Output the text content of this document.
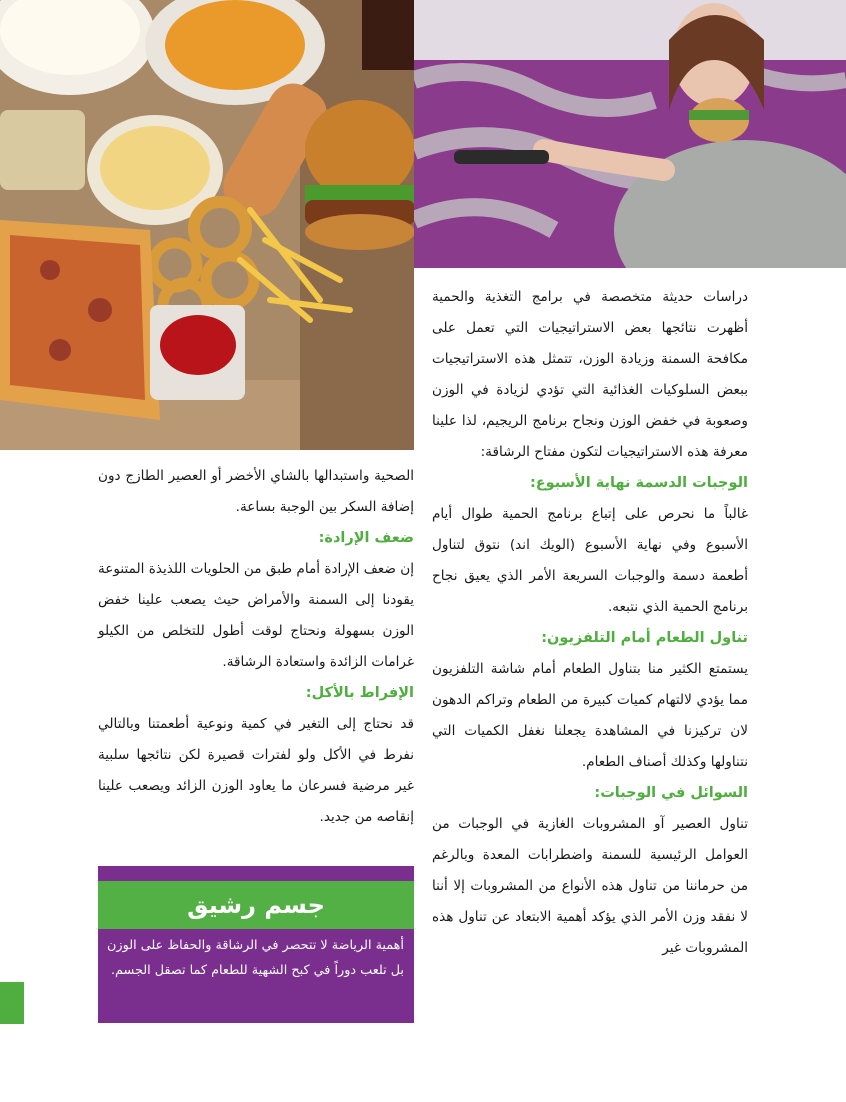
دراسات حديثة متخصصة في برامج التغذية والحمية أظهرت نتائجها بعض الاستراتيجيات التي تعمل على مكافحة السمنة وزيادة الوزن، تتمثل هذه الاستراتيجيات ببعض السلوكيات الغذائية التي تؤدي لزيادة في الوزن وصعوبة في خفض الوزن ونجاح برنامج الريجيم، لذا علينا معرفة هذه الاستراتيجيات لتكون مفتاح الرشاقة:

الوجبات الدسمة نهاية الأسبوع:

غالباً ما نحرص على إتباع برنامج الحمية طوال أيام الأسبوع وفي نهاية الأسبوع (الويك اند) نتوق لتناول أطعمة دسمة والوجبات السريعة الأمر الذي يعيق نجاح برنامج الحمية الذي نتبعه.

تناول الطعام أمام التلفزيون:

يستمتع الكثير منا بتناول الطعام أمام شاشة التلفزيون مما يؤدي لالتهام كميات كبيرة من الطعام وتراكم الدهون لان تركيزنا في المشاهدة يجعلنا نغفل الكميات التي نتناولها وكذلك أصناف الطعام.

السوائل في الوجبات:

تناول العصير آو المشروبات الغازية في الوجبات من العوامل الرئيسية للسمنة واضطرابات المعدة وبالرغم من حرماننا من تناول هذه الأنواع من المشروبات إلا أننا لا نفقد وزن الأمر الذي يؤكد أهمية الابتعاد عن تناول هذه المشروبات غير

الصحية واستبدالها بالشاي الأخضر أو العصير الطازج دون إضافة السكر بين الوجبة بساعة.

ضعف الإرادة:

إن ضعف الإرادة أمام طبق من الحلويات اللذيذة المتنوعة يقودنا إلى السمنة والأمراض حيث يصعب علينا خفض الوزن بسهولة ونحتاج لوقت أطول للتخلص من الكيلو غرامات الزائدة واستعادة الرشاقة.

الإفراط بالأكل:

قد نحتاج إلى التغير في كمية ونوعية أطعمتنا وبالتالي نفرط في الأكل ولو لفترات قصيرة لكن نتائجها سلبية غير مرضية فسرعان ما يعاود الوزن الزائد ويصعب علينا إنقاصه من جديد.

جسم رشيق
أهمية الرياضة لا تتحصر في الرشاقة والحفاظ على الوزن بل تلعب دوراً في كبح الشهية للطعام كما تصقل الجسم.
